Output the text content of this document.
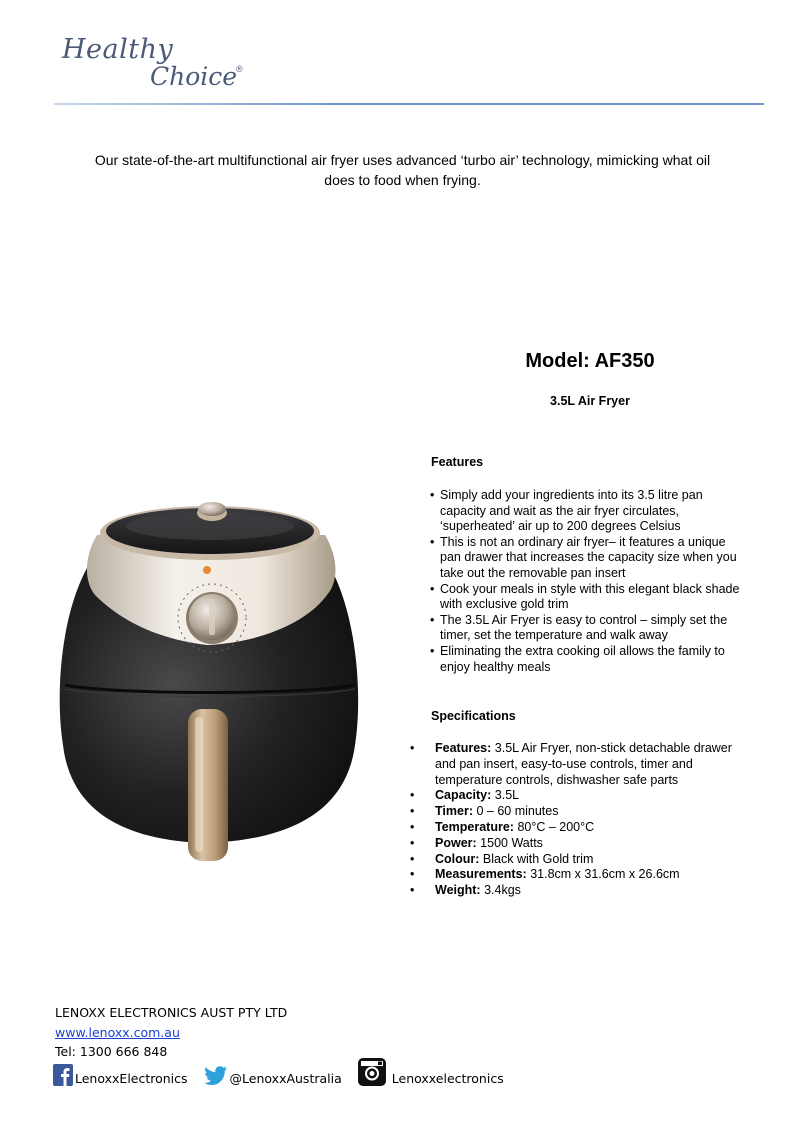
Healthy
Choice
®
Our state-of-the-art multifunctional air fryer uses advanced ‘turbo air’ technology, mimicking what oil does to food when frying.
Model: AF350
3.5L Air Fryer
Features
• Simply add your ingredients into its 3.5 litre pan capacity and wait as the air fryer circulates, ‘superheated’ air up to 200 degrees Celsius
• This is not an ordinary air fryer– it features a unique pan drawer that increases the capacity size when you take out the removable pan insert
• Cook your meals in style with this elegant black shade with exclusive gold trim
• The 3.5L Air Fryer is easy to control – simply set the timer, set the temperature and walk away
• Eliminating the extra cooking oil allows the family to enjoy healthy meals
Specifications
• Features: 3.5L Air Fryer, non-stick detachable drawer and pan insert, easy-to-use controls, timer and temperature controls, dishwasher safe parts
• Capacity: 3.5L
• Timer: 0 – 60 minutes
• Temperature: 80°C – 200°C
• Power: 1500 Watts
• Colour: Black with Gold trim
• Measurements: 31.8cm x 31.6cm x 26.6cm
• Weight: 3.4kgs
LENOXX ELECTRONICS AUST PTY LTD
www.lenoxx.com.au
Tel: 1300 666 848
LenoxxElectronics	@LenoxxAustralia	Lenoxxelectronics
